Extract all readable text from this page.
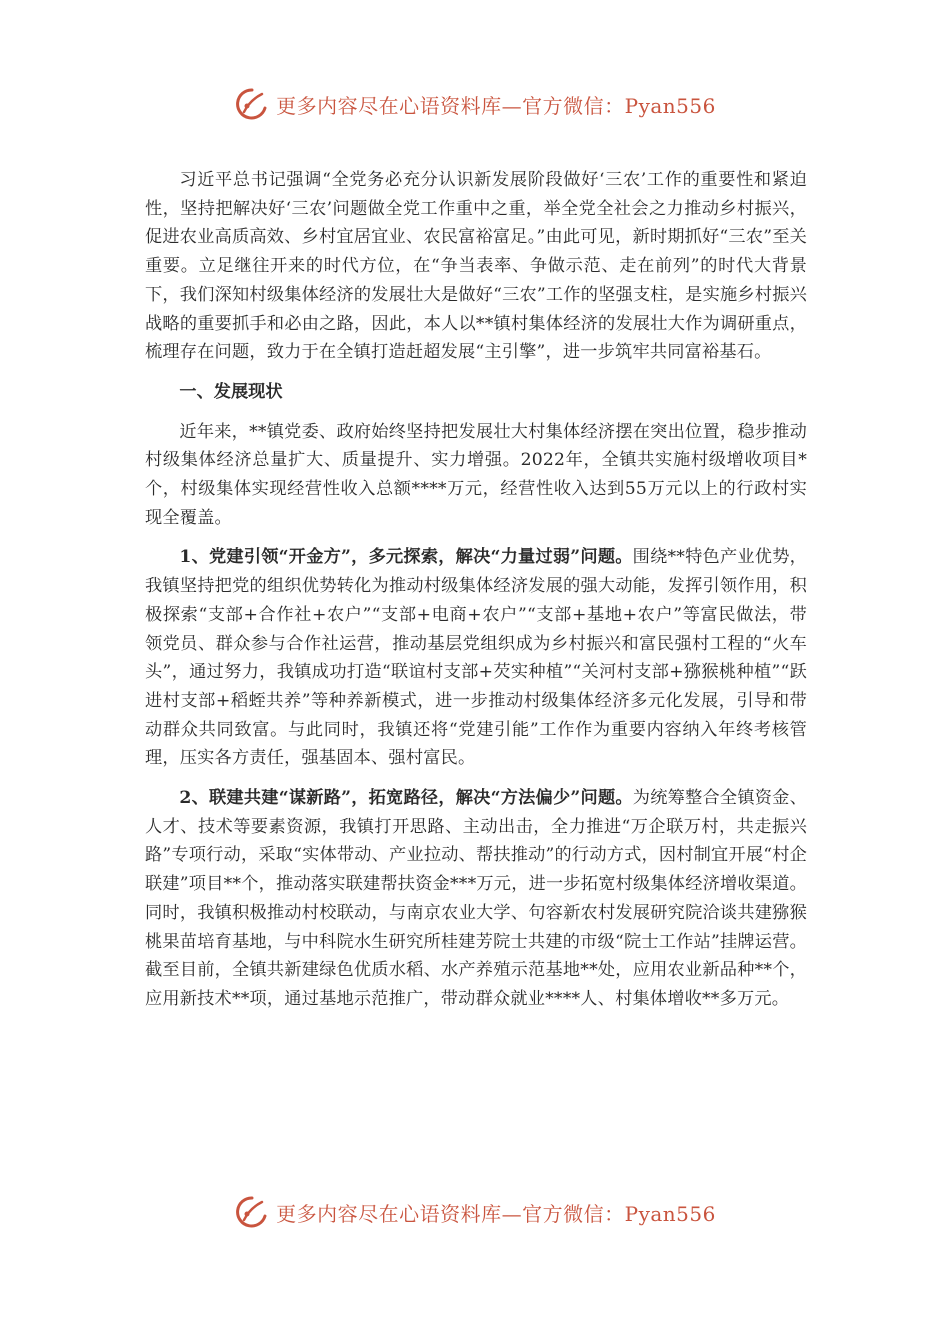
更多内容尽在心语资料库—官方微信：Pyan556

习近平总书记强调“全党务必充分认识新发展阶段做好‘三农’工作的重要性和紧迫性，坚持把解决好‘三农’问题做全党工作重中之重，举全党全社会之力推动乡村振兴，促进农业高质高效、乡村宜居宜业、农民富裕富足。”由此可见，新时期抓好“三农”至关重要。立足继往开来的时代方位，在“争当表率、争做示范、走在前列”的时代大背景下，我们深知村级集体经济的发展壮大是做好“三农”工作的坚强支柱，是实施乡村振兴战略的重要抓手和必由之路，因此，本人以**镇村集体经济的发展壮大作为调研重点，梳理存在问题，致力于在全镇打造赶超发展“主引擎”，进一步筑牢共同富裕基石。

一、发展现状

近年来，**镇党委、政府始终坚持把发展壮大村集体经济摆在突出位置，稳步推动村级集体经济总量扩大、质量提升、实力增强。2022年，全镇共实施村级增收项目*个，村级集体实现经营性收入总额****万元，经营性收入达到55万元以上的行政村实现全覆盖。

1、党建引领“开金方”，多元探索，解决“力量过弱”问题。围绕**特色产业优势，我镇坚持把党的组织优势转化为推动村级集体经济发展的强大动能，发挥引领作用，积极探索“支部+合作社+农户”“支部+电商+农户”“支部+基地+农户”等富民做法，带领党员、群众参与合作社运营，推动基层党组织成为乡村振兴和富民强村工程的“火车头”，通过努力，我镇成功打造“联谊村支部+芡实种植”“关河村支部+猕猴桃种植”“跃进村支部+稻蛭共养”等种养新模式，进一步推动村级集体经济多元化发展，引导和带动群众共同致富。与此同时，我镇还将“党建引能”工作作为重要内容纳入年终考核管理，压实各方责任，强基固本、强村富民。

2、联建共建“谋新路”，拓宽路径，解决“方法偏少”问题。为统筹整合全镇资金、人才、技术等要素资源，我镇打开思路、主动出击，全力推进“万企联万村，共走振兴路”专项行动，采取“实体带动、产业拉动、帮扶推动”的行动方式，因村制宜开展“村企联建”项目**个，推动落实联建帮扶资金***万元，进一步拓宽村级集体经济增收渠道。同时，我镇积极推动村校联动，与南京农业大学、句容新农村发展研究院洽谈共建猕猴桃果苗培育基地，与中科院水生研究所桂建芳院士共建的市级“院士工作站”挂牌运营。截至目前，全镇共新建绿色优质水稻、水产养殖示范基地**处，应用农业新品种**个，应用新技术**项，通过基地示范推广，带动群众就业****人、村集体增收**多万元。

更多内容尽在心语资料库—官方微信：Pyan556
